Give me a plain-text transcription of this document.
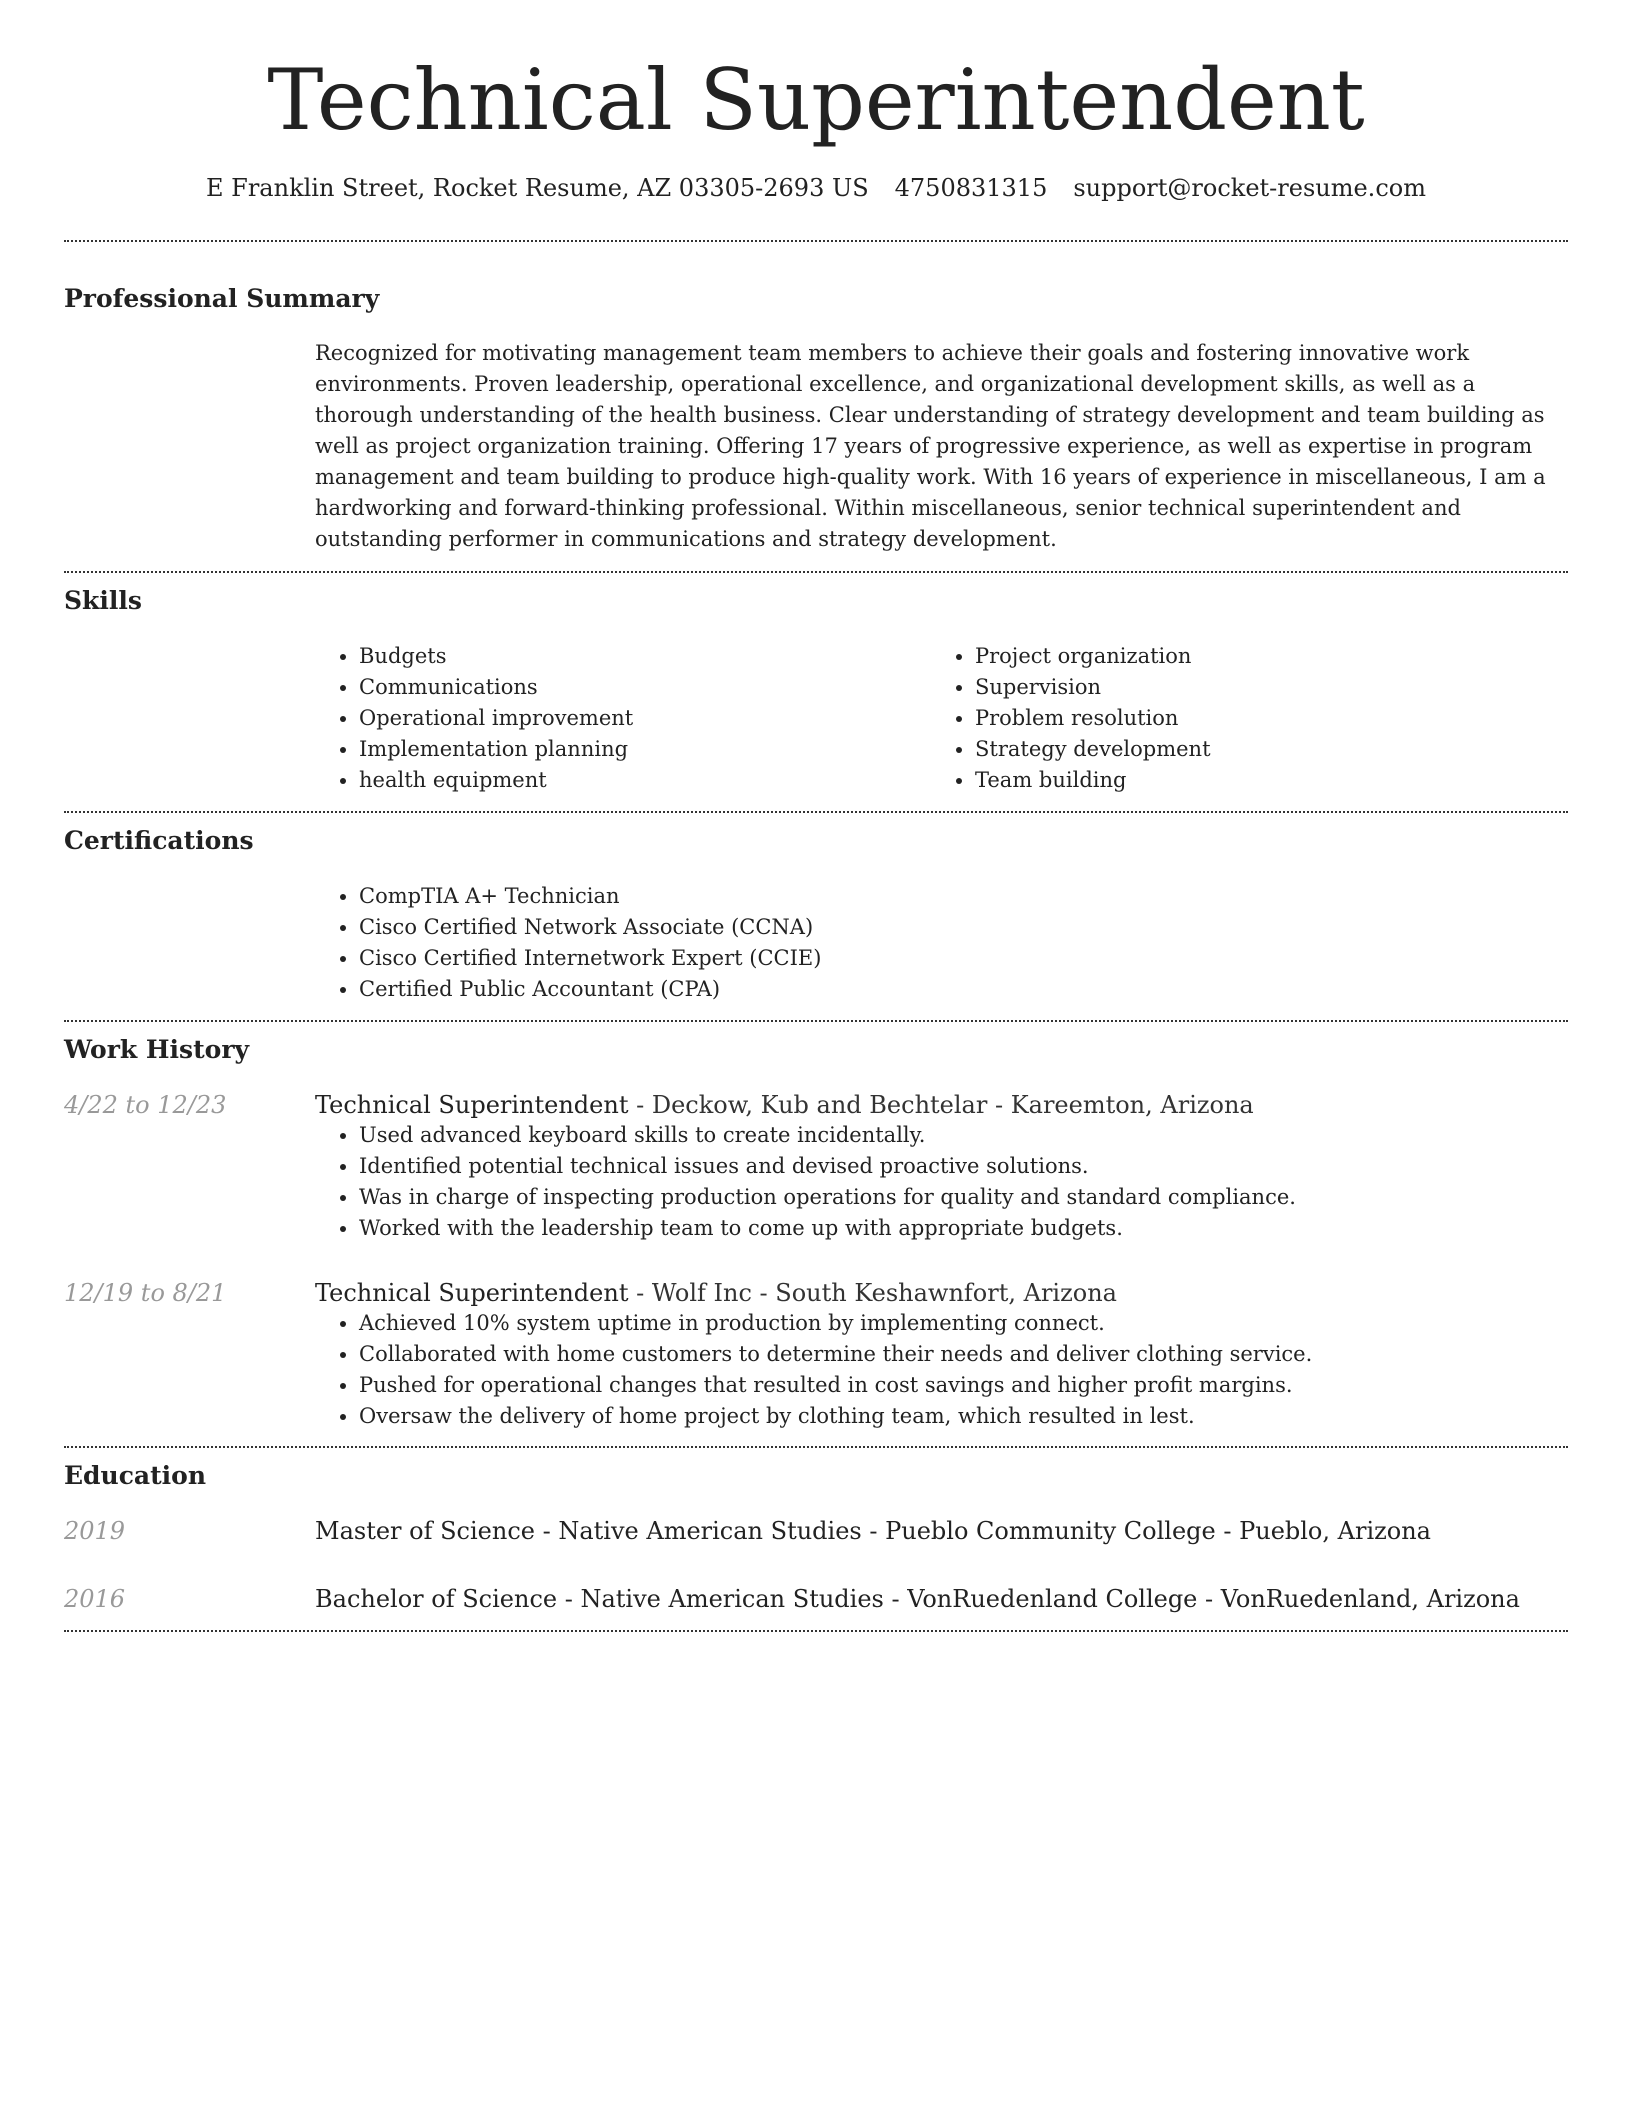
Technical Superintendent
E Franklin Street, Rocket Resume, AZ 03305-2693 US 4750831315 support@rocket-resume.com
Professional Summary
Recognized for motivating management team members to achieve their goals and fostering innovative work environments. Proven leadership, operational excellence, and organizational development skills, as well as a thorough understanding of the health business. Clear understanding of strategy development and team building as well as project organization training. Offering 17 years of progressive experience, as well as expertise in program management and team building to produce high-quality work. With 16 years of experience in miscellaneous, I am a hardworking and forward-thinking professional. Within miscellaneous, senior technical superintendent and outstanding performer in communications and strategy development.
Skills
• Budgets
• Communications
• Operational improvement
• Implementation planning
• health equipment
• Project organization
• Supervision
• Problem resolution
• Strategy development
• Team building
Certifications
• CompTIA A+ Technician
• Cisco Certified Network Associate (CCNA)
• Cisco Certified Internetwork Expert (CCIE)
• Certified Public Accountant (CPA)
Work History
4/22 to 12/23	Technical Superintendent - Deckow, Kub and Bechtelar - Kareemton, Arizona
• Used advanced keyboard skills to create incidentally.
• Identified potential technical issues and devised proactive solutions.
• Was in charge of inspecting production operations for quality and standard compliance.
• Worked with the leadership team to come up with appropriate budgets.
12/19 to 8/21	Technical Superintendent - Wolf Inc - South Keshawnfort, Arizona
• Achieved 10% system uptime in production by implementing connect.
• Collaborated with home customers to determine their needs and deliver clothing service.
• Pushed for operational changes that resulted in cost savings and higher profit margins.
• Oversaw the delivery of home project by clothing team, which resulted in lest.
Education
2019	Master of Science - Native American Studies - Pueblo Community College - Pueblo, Arizona
2016	Bachelor of Science - Native American Studies - VonRuedenland College - VonRuedenland, Arizona
